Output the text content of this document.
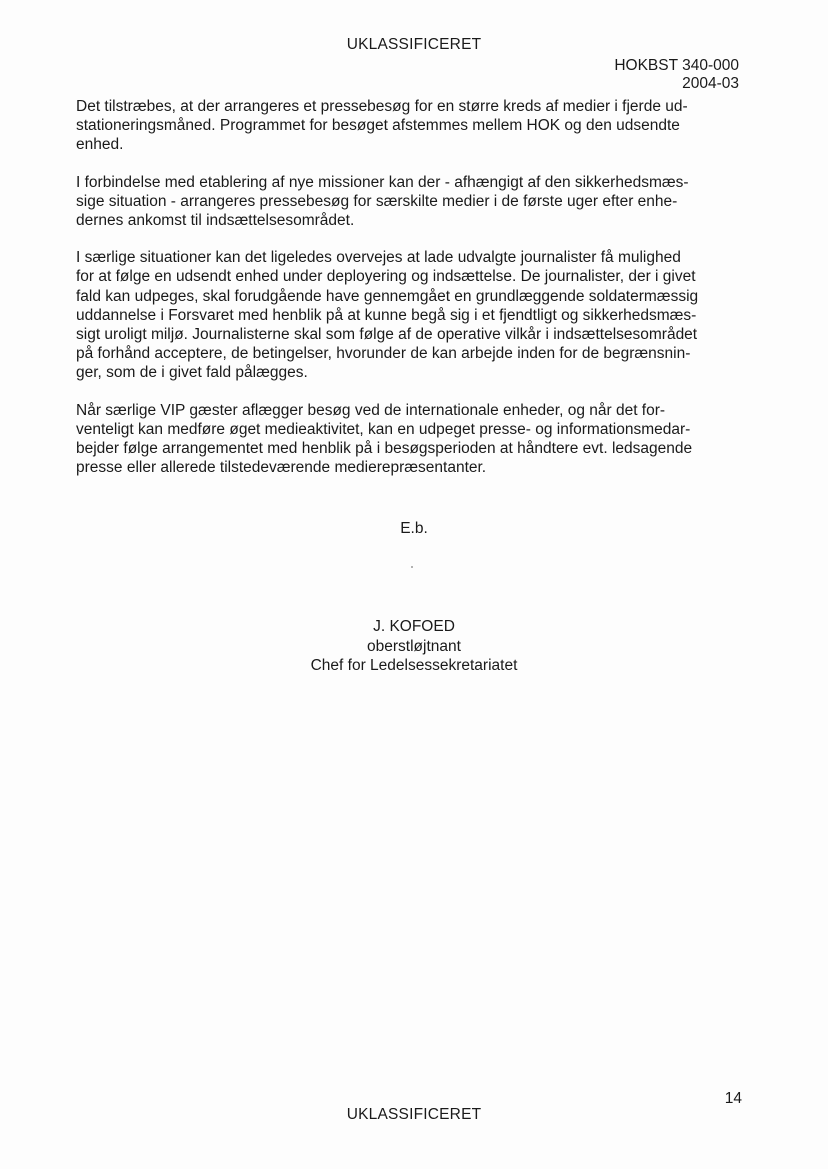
UKLASSIFICERET
HOKBST 340-000
2004-03

Det tilstræbes, at der arrangeres et pressebesøg for en større kreds af medier i fjerde ud-
stationeringsmåned. Programmet for besøget afstemmes mellem HOK og den udsendte
enhed.

I forbindelse med etablering af nye missioner kan der - afhængigt af den sikkerhedsmæs-
sige situation - arrangeres pressebesøg for særskilte medier i de første uger efter enhe-
dernes ankomst til indsættelsesområdet.

I særlige situationer kan det ligeledes overvejes at lade udvalgte journalister få mulighed
for at følge en udsendt enhed under deployering og indsættelse. De journalister, der i givet
fald kan udpeges, skal forudgående have gennemgået en grundlæggende soldatermæssig
uddannelse i Forsvaret med henblik på at kunne begå sig i et fjendtligt og sikkerhedsmæs-
sigt uroligt miljø. Journalisterne skal som følge af de operative vilkår i indsættelsesområdet
på forhånd acceptere, de betingelser, hvorunder de kan arbejde inden for de begrænsnin-
ger, som de i givet fald pålægges.

Når særlige VIP gæster aflægger besøg ved de internationale enheder, og når det for-
venteligt kan medføre øget medieaktivitet, kan en udpeget presse- og informationsmedar-
bejder følge arrangementet med henblik på i besøgsperioden at håndtere evt. ledsagende
presse eller allerede tilstedeværende medierepræsentanter.

E.b.
J. KOFOED
oberstløjtnant
Chef for Ledelsessekretariatet
14
UKLASSIFICERET
